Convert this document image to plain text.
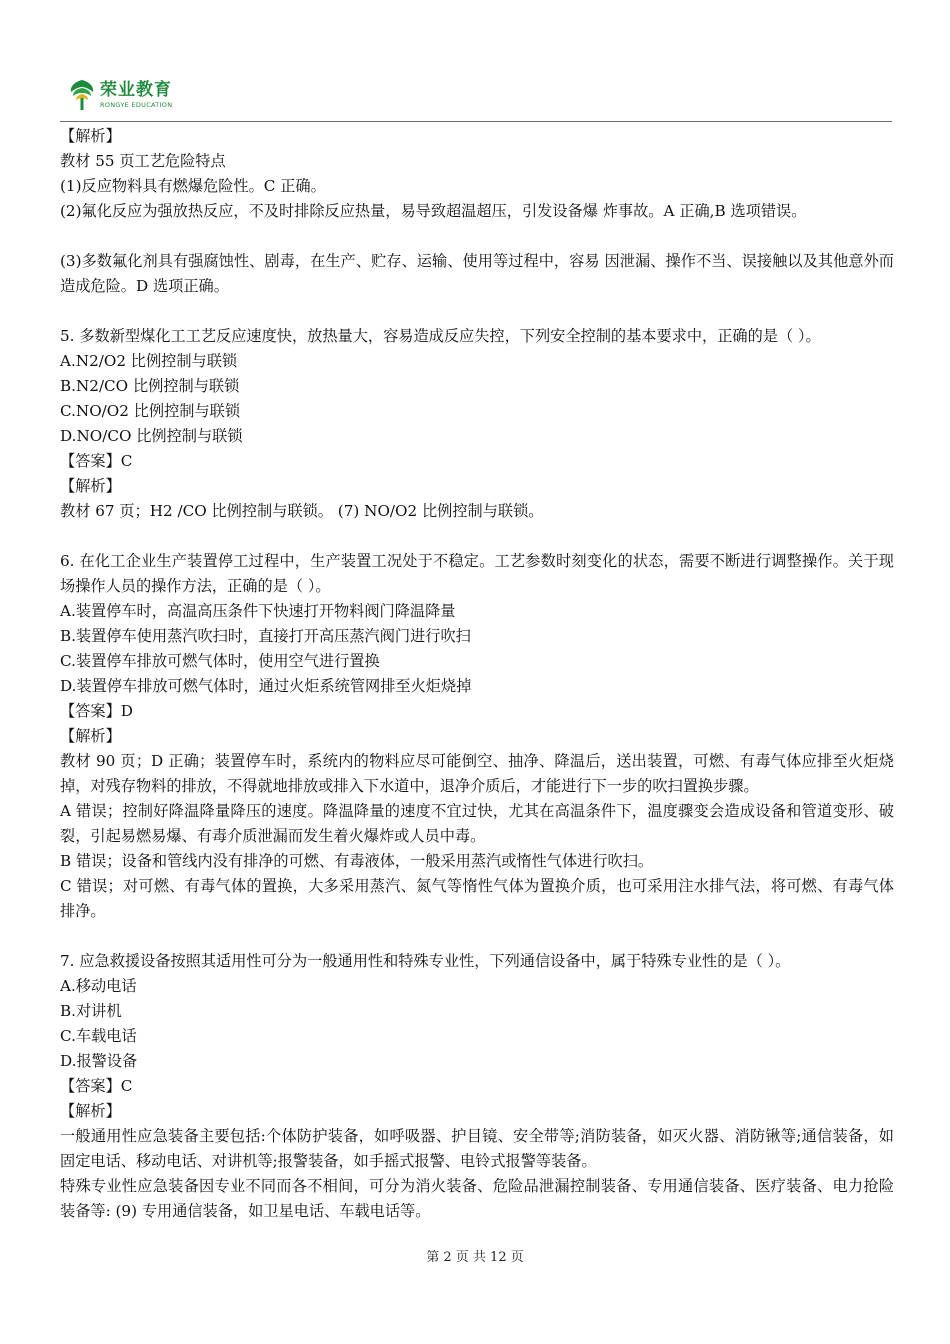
荣业教育
RONGYE EDUCATION
【解析】
教材 55 页工艺危险特点
(1)反应物料具有燃爆危险性。C 正确。
(2)氟化反应为强放热反应，不及时排除反应热量，易导致超温超压，引发设备爆 炸事故。A 正确,B 选项错误。
(3)多数氟化剂具有强腐蚀性、剧毒，在生产、贮存、运输、使用等过程中，容易 因泄漏、操作不当、误接触以及其他意外而造成危险。D 选项正确。
5. 多数新型煤化工工艺反应速度快，放热量大，容易造成反应失控，下列安全控制的基本要求中，正确的是（ ）。
A.N2/O2 比例控制与联锁
B.N2/CO 比例控制与联锁
C.NO/O2 比例控制与联锁
D.NO/CO 比例控制与联锁
【答案】C
【解析】
教材 67 页；H2 /CO 比例控制与联锁。 (7) NO/O2 比例控制与联锁。
6. 在化工企业生产装置停工过程中，生产装置工况处于不稳定。工艺参数时刻变化的状态，需要不断进行调整操作。关于现场操作人员的操作方法，正确的是（ ）。
A.装置停车时，高温高压条件下快速打开物料阀门降温降量
B.装置停车使用蒸汽吹扫时，直接打开高压蒸汽阀门进行吹扫
C.装置停车排放可燃气体时，使用空气进行置换
D.装置停车排放可燃气体时，通过火炬系统管网排至火炬烧掉
【答案】D
【解析】
教材 90 页；D 正确；装置停车时，系统内的物料应尽可能倒空、抽净、降温后，送出装置，可燃、有毒气体应排至火炬烧掉，对残存物料的排放，不得就地排放或排入下水道中，退净介质后，才能进行下一步的吹扫置换步骤。
A 错误；控制好降温降量降压的速度。降温降量的速度不宜过快，尤其在高温条件下，温度骤变会造成设备和管道变形、破裂，引起易燃易爆、有毒介质泄漏而发生着火爆炸或人员中毒。
B 错误；设备和管线内没有排净的可燃、有毒液体，一般采用蒸汽或惰性气体进行吹扫。
C 错误；对可燃、有毒气体的置换，大多采用蒸汽、氮气等惰性气体为置换介质，也可采用注水排气法，将可燃、有毒气体排净。
7. 应急救援设备按照其适用性可分为一般通用性和特殊专业性，下列通信设备中，属于特殊专业性的是（ ）。
A.移动电话
B.对讲机
C.车载电话
D.报警设备
【答案】C
【解析】
一般通用性应急装备主要包括:个体防护装备，如呼吸器、护目镜、安全带等;消防装备，如灭火器、消防锹等;通信装备，如固定电话、移动电话、对讲机等;报警装备，如手摇式报警、电铃式报警等装备。
特殊专业性应急装备因专业不同而各不相间，可分为消火装备、危险品泄漏控制装备、专用通信装备、医疗装备、电力抢险装备等: (9) 专用通信装备，如卫星电话、车载电话等。
第 2 页 共 12 页
